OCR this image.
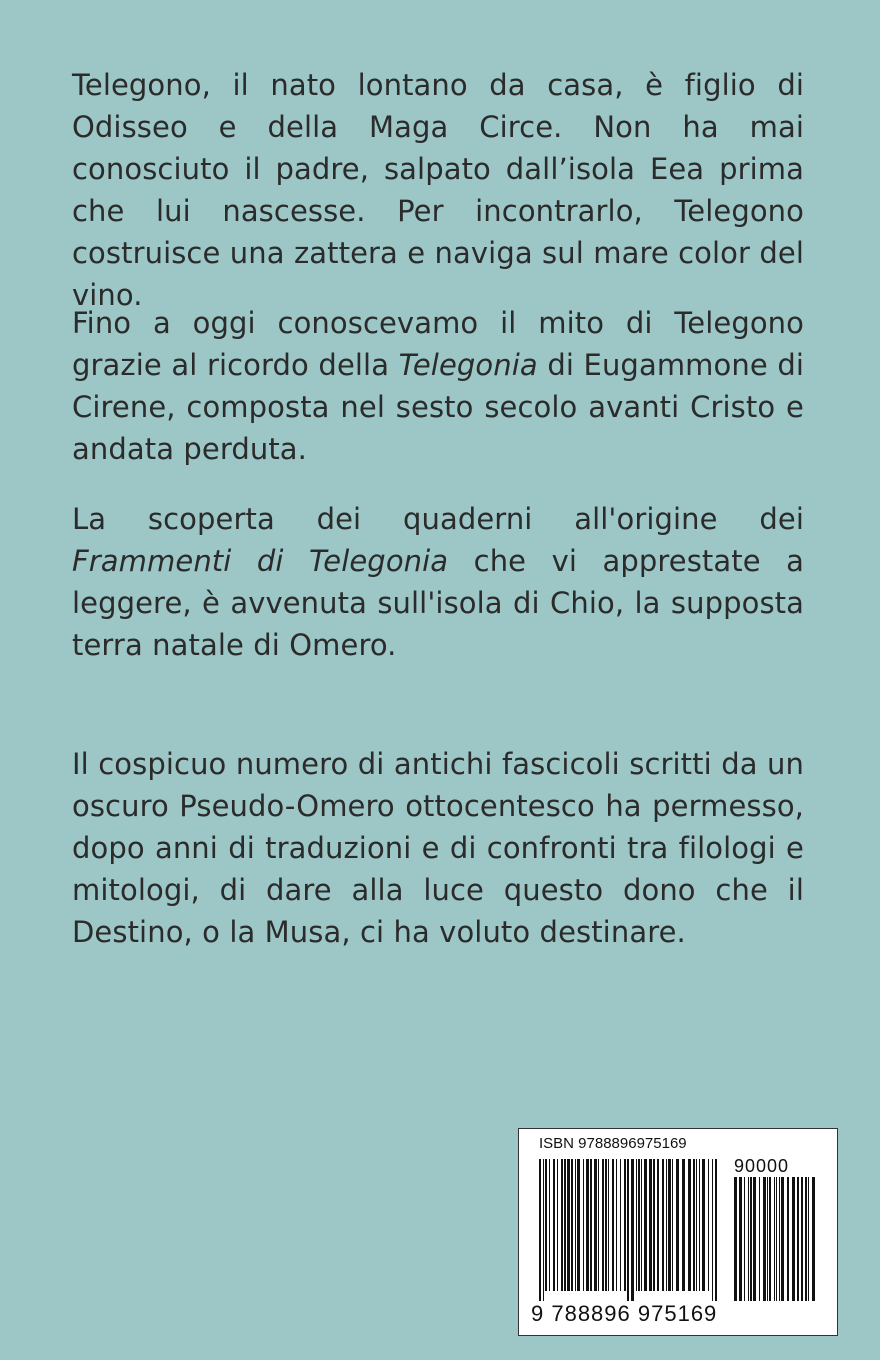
Telegono, il nato lontano da casa, è figlio di Odisseo e della Maga Circe. Non ha mai conosciuto il padre, salpato dall’isola Eea prima che lui nascesse. Per incontrarlo, Telegono costruisce una zattera e naviga sul mare color del vino.

Fino a oggi conoscevamo il mito di Telegono grazie al ricordo della Telegonia di Eugammone di Cirene, composta nel sesto secolo avanti Cristo e andata perduta.

La scoperta dei quaderni all'origine dei Frammenti di Telegonia che vi apprestate a leggere, è avvenuta sull'isola di Chio, la supposta terra natale di Omero.

Il cospicuo numero di antichi fascicoli scritti da un oscuro Pseudo-Omero ottocentesco ha permesso, dopo anni di traduzioni e di confronti tra filologi e mitologi, di dare alla luce questo dono che il Destino, o la Musa, ci ha voluto destinare.

ISBN 9788896975169
90000
9 788896 975169
